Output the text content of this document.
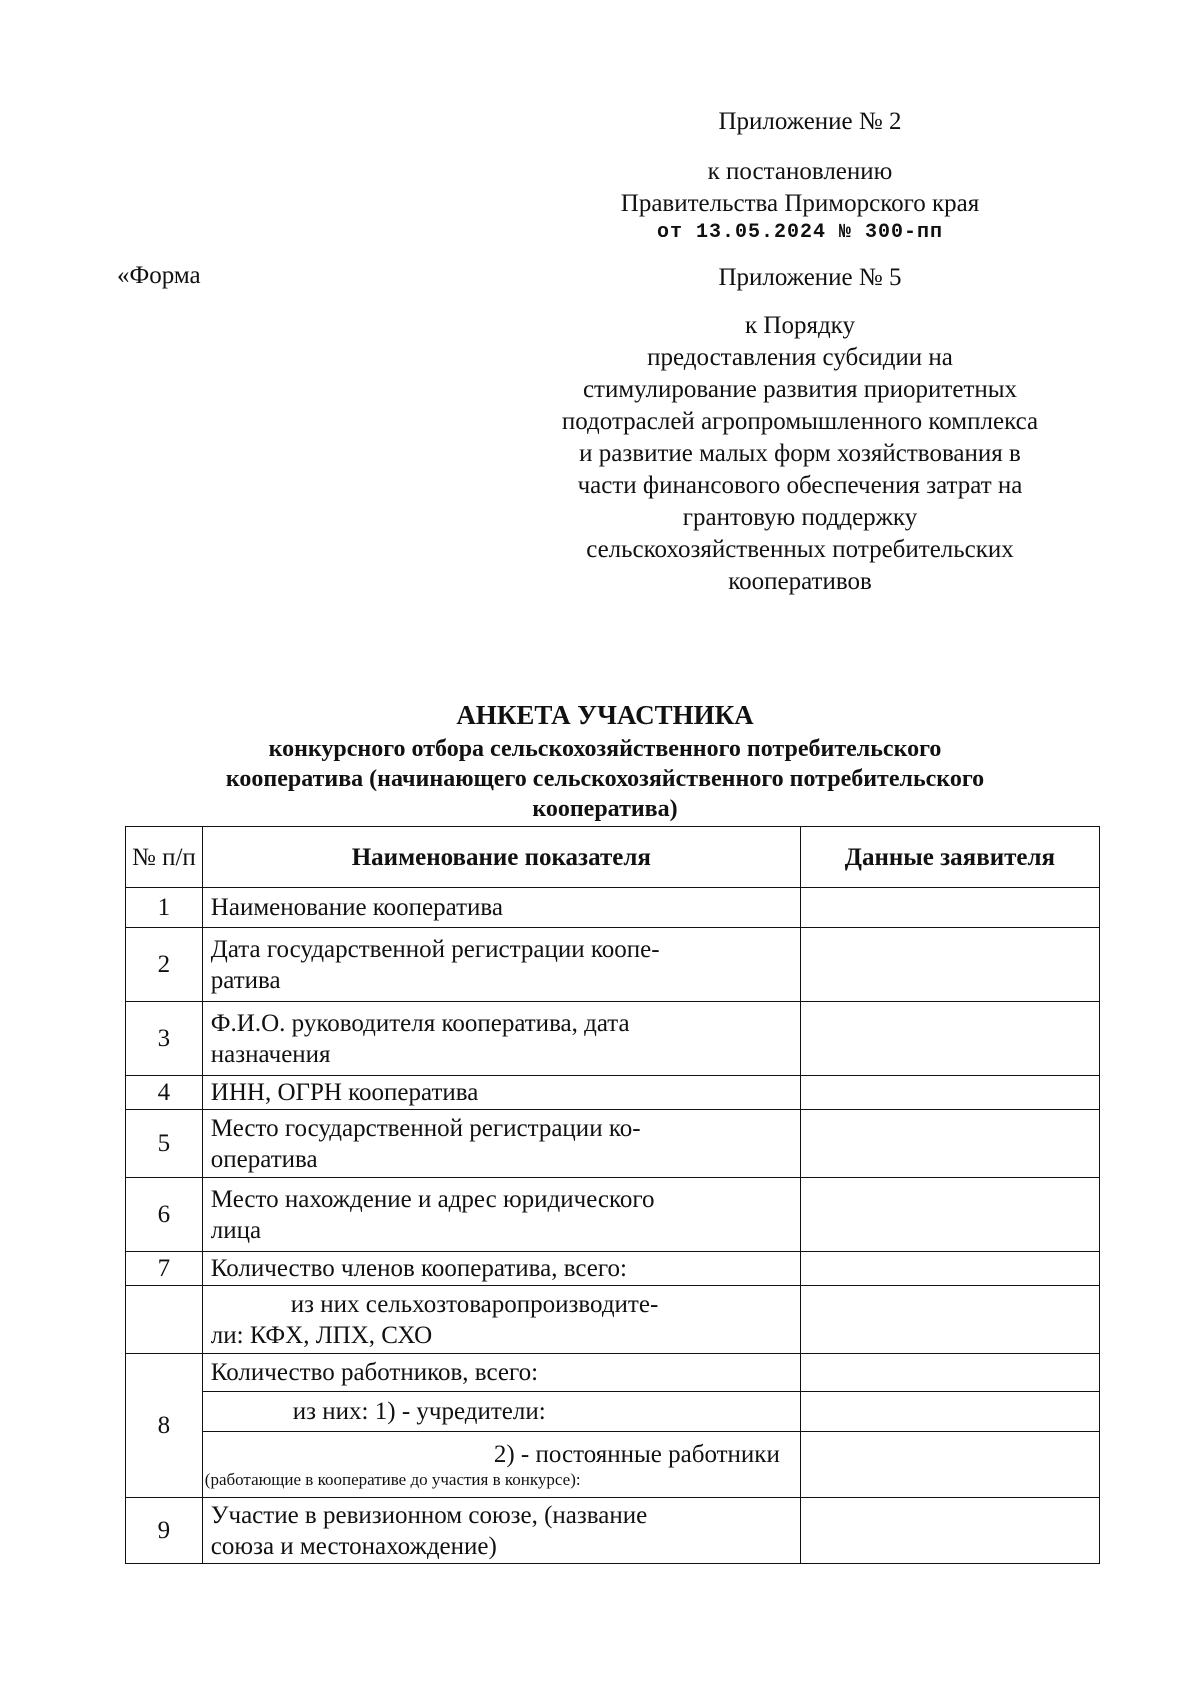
Приложение № 2
к постановлению
Правительства Приморского края
от 13.05.2024 № 300-пп
«Форма	Приложение № 5
к Порядку
предоставления субсидии на
стимулирование развития приоритетных
подотраслей агропромышленного комплекса
и развитие малых форм хозяйствования в
части финансового обеспечения затрат на
грантовую поддержку
сельскохозяйственных потребительских
кооперативов
АНКЕТА УЧАСТНИКА
конкурсного отбора сельскохозяйственного потребительского
кооператива (начинающего сельскохозяйственного потребительского
кооператива)
№ п/п	Наименование показателя	Данные заявителя
1	Наименование кооператива	
2	Дата государственной регистрации коопе-
ратива	

3	Ф.И.О. руководителя кооператива, дата
назначения	

4	ИНН, ОГРН кооператива	
5	Место государственной регистрации ко-
оператива	

6	Место нахождение и адрес юридического
лица	

7	Количество членов кооператива, всего:	

	из них сельхозтоваропроизводите-
ли: КФХ, ЛПХ, СХО	

8	Количество работников, всего:	
	из них: 1) - учредители:	

	2) - постоянные работники
(работающие в кооперативе до участия в конкурсе):	

9	Участие в ревизионном союзе, (название
союза и местонахождение)	
